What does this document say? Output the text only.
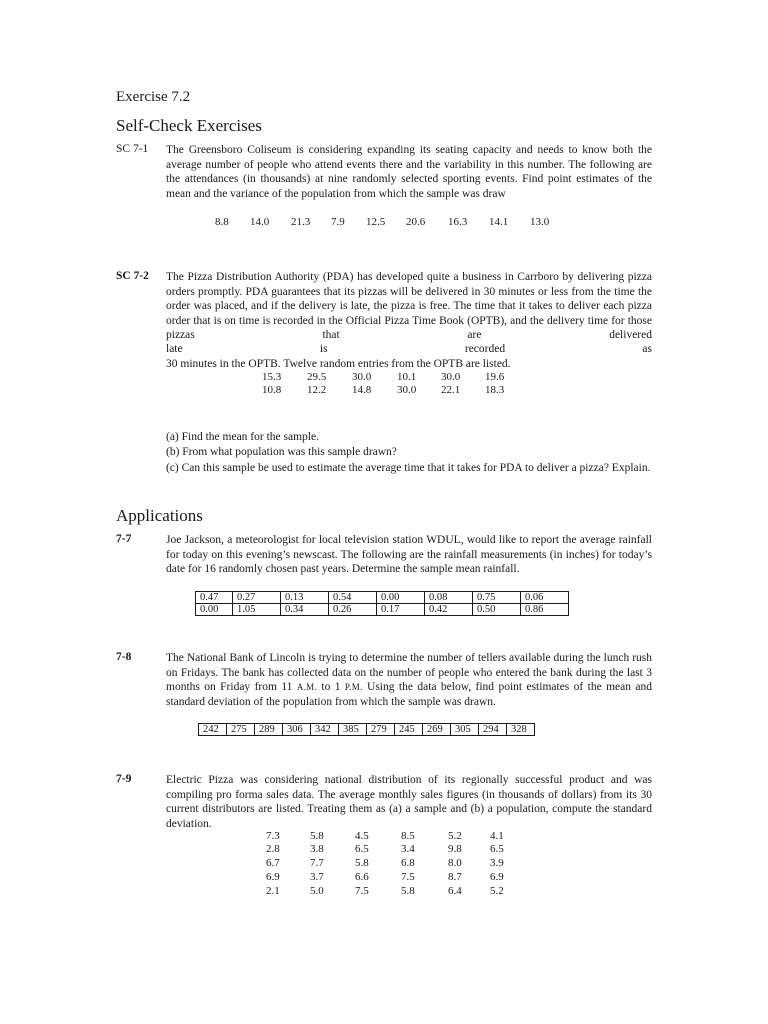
Exercise 7.2
Self-Check Exercises
SC 7-1 The Greensboro Coliseum is considering expanding its seating capacity and needs to know both the average number of people who attend events there and the variability in this number. The following are the attendances (in thousands) at nine randomly selected sporting events. Find point estimates of the mean and the variance of the population from which the sample was draw
8.8 14.0 21.3 7.9 12.5 20.6 16.3 14.1 13.0
SC 7-2 The Pizza Distribution Authority (PDA) has developed quite a business in Carrboro by delivering pizza orders promptly. PDA guarantees that its pizzas will be delivered in 30 minutes or less from the time the order was placed, and if the delivery is late, the pizza is free. The time that it takes to deliver each pizza order that is on time is recorded in the Official Pizza Time Book (OPTB), and the delivery time for those pizzas that are delivered
late	is	recorded	as
30 minutes in the OPTB. Twelve random entries from the OPTB are listed.
15.3 29.5 30.0 10.1 30.0 19.6
10.8 12.2 14.8 30.0 22.1 18.3
(a) Find the mean for the sample.
(b) From what population was this sample drawn?
(c) Can this sample be used to estimate the average time that it takes for PDA to deliver a pizza? Explain.
Applications
7-7	Joe Jackson, a meteorologist for local television station WDUL, would like to report the average rainfall for today on this evening’s newscast. The following are the rainfall measurements (in inches) for today’s date for 16 randomly chosen past years. Determine the sample mean rainfall.
0.47	0.27	0.13	0.54	0.00	0.08	0.75	0.06
0.00	1.05	0.34	0.26	0.17	0.42	0.50	0.86
7-8	The National Bank of Lincoln is trying to determine the number of tellers available during the lunch rush on Fridays. The bank has collected data on the number of people who entered the bank during the last 3 months on Friday from 11 A.M. to 1 P.M. Using the data below, find point estimates of the mean and standard deviation of the population from which the sample was drawn.
242	275	289	306	342	385	279	245	269	305	294	328
7-9	Electric Pizza was considering national distribution of its regionally successful product and was compiling pro forma sales data. The average monthly sales figures (in thousands of dollars) from its 30 current distributors are listed. Treating them as (a) a sample and (b) a population, compute the standard deviation.
7.3	5.8	4.5	8.5	5.2	4.1
2.8	3.8	6.5	3.4	9.8	6.5
6.7	7.7	5.8	6.8	8.0	3.9
6.9	3.7	6.6	7.5	8.7	6.9
2.1	5.0	7.5	5.8	6.4	5.2
